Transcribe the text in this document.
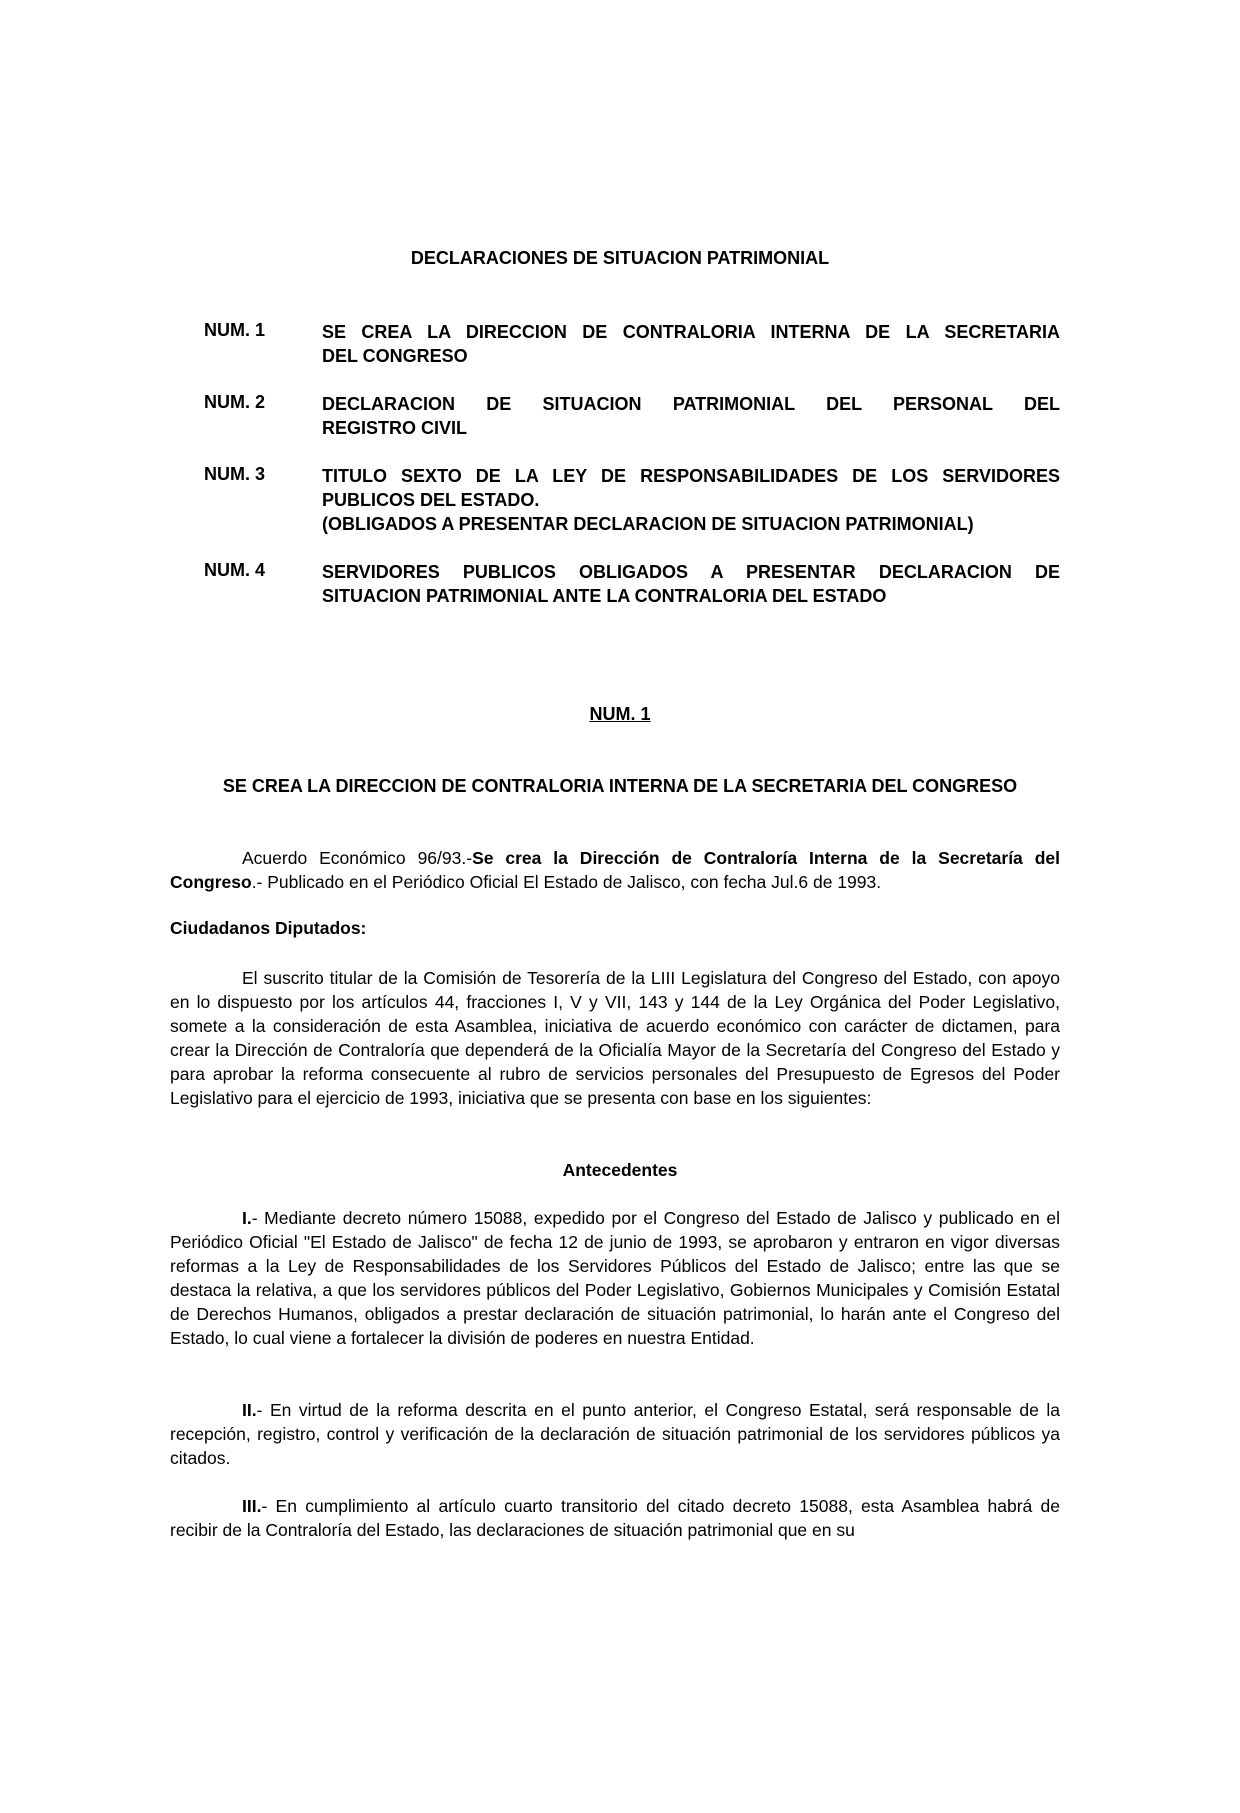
DECLARACIONES DE SITUACION PATRIMONIAL
NUM. 1	SE CREA LA DIRECCION DE CONTRALORIA INTERNA DE LA SECRETARIA
DEL CONGRESO
NUM. 2	DECLARACION DE SITUACION PATRIMONIAL DEL PERSONAL DEL
REGISTRO CIVIL
NUM. 3	TITULO SEXTO DE LA LEY DE RESPONSABILIDADES DE LOS SERVIDORES
PUBLICOS DEL ESTADO.
(OBLIGADOS A PRESENTAR DECLARACION DE SITUACION PATRIMONIAL)
NUM. 4	SERVIDORES PUBLICOS OBLIGADOS A PRESENTAR DECLARACION DE
SITUACION PATRIMONIAL ANTE LA CONTRALORIA DEL ESTADO
NUM. 1
SE CREA LA DIRECCION DE CONTRALORIA INTERNA DE LA SECRETARIA DEL CONGRESO
Acuerdo Económico 96/93.-Se crea la Dirección de Contraloría Interna de la Secretaría del Congreso.- Publicado en el Periódico Oficial El Estado de Jalisco, con fecha Jul.6 de 1993.
Ciudadanos Diputados:
El suscrito titular de la Comisión de Tesorería de la LIII Legislatura del Congreso del Estado, con apoyo en lo dispuesto por los artículos 44, fracciones I, V y VII, 143 y 144 de la Ley Orgánica del Poder Legislativo, somete a la consideración de esta Asamblea, iniciativa de acuerdo económico con carácter de dictamen, para crear la Dirección de Contraloría que dependerá de la Oficialía Mayor de la Secretaría del Congreso del Estado y para aprobar la reforma consecuente al rubro de servicios personales del Presupuesto de Egresos del Poder Legislativo para el ejercicio de 1993, iniciativa que se presenta con base en los siguientes:
Antecedentes
I.- Mediante decreto número 15088, expedido por el Congreso del Estado de Jalisco y publicado en el Periódico Oficial "El Estado de Jalisco" de fecha 12 de junio de 1993, se aprobaron y entraron en vigor diversas reformas a la Ley de Responsabilidades de los Servidores Públicos del Estado de Jalisco; entre las que se destaca la relativa, a que los servidores públicos del Poder Legislativo, Gobiernos Municipales y Comisión Estatal de Derechos Humanos, obligados a prestar declaración de situación patrimonial, lo harán ante el Congreso del Estado, lo cual viene a fortalecer la división de poderes en nuestra Entidad.
II.- En virtud de la reforma descrita en el punto anterior, el Congreso Estatal, será responsable de la recepción, registro, control y verificación de la declaración de situación patrimonial de los servidores públicos ya citados.
III.- En cumplimiento al artículo cuarto transitorio del citado decreto 15088, esta Asamblea habrá de recibir de la Contraloría del Estado, las declaraciones de situación patrimonial que en su
